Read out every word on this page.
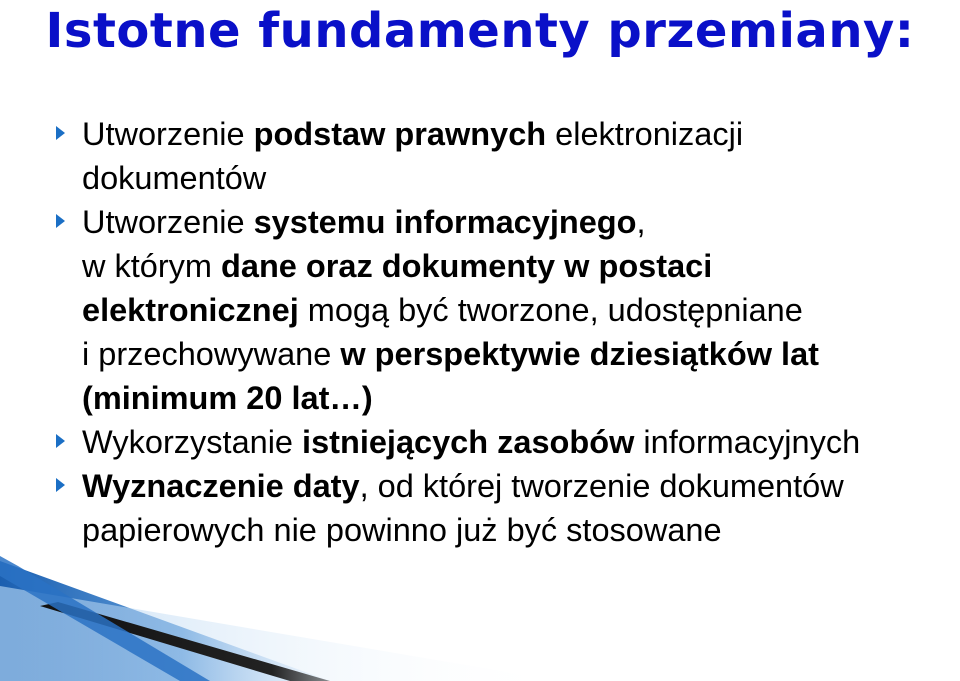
Istotne fundamenty przemiany:
Utworzenie podstaw prawnych elektronizacji
dokumentów
Utworzenie systemu informacyjnego,
w którym dane oraz dokumenty w postaci
elektronicznej mogą być tworzone, udostępniane
i przechowywane w perspektywie dziesiątków lat
(minimum 20 lat…)
Wykorzystanie istniejących zasobów informacyjnych
Wyznaczenie daty, od której tworzenie dokumentów
papierowych nie powinno już być stosowane
